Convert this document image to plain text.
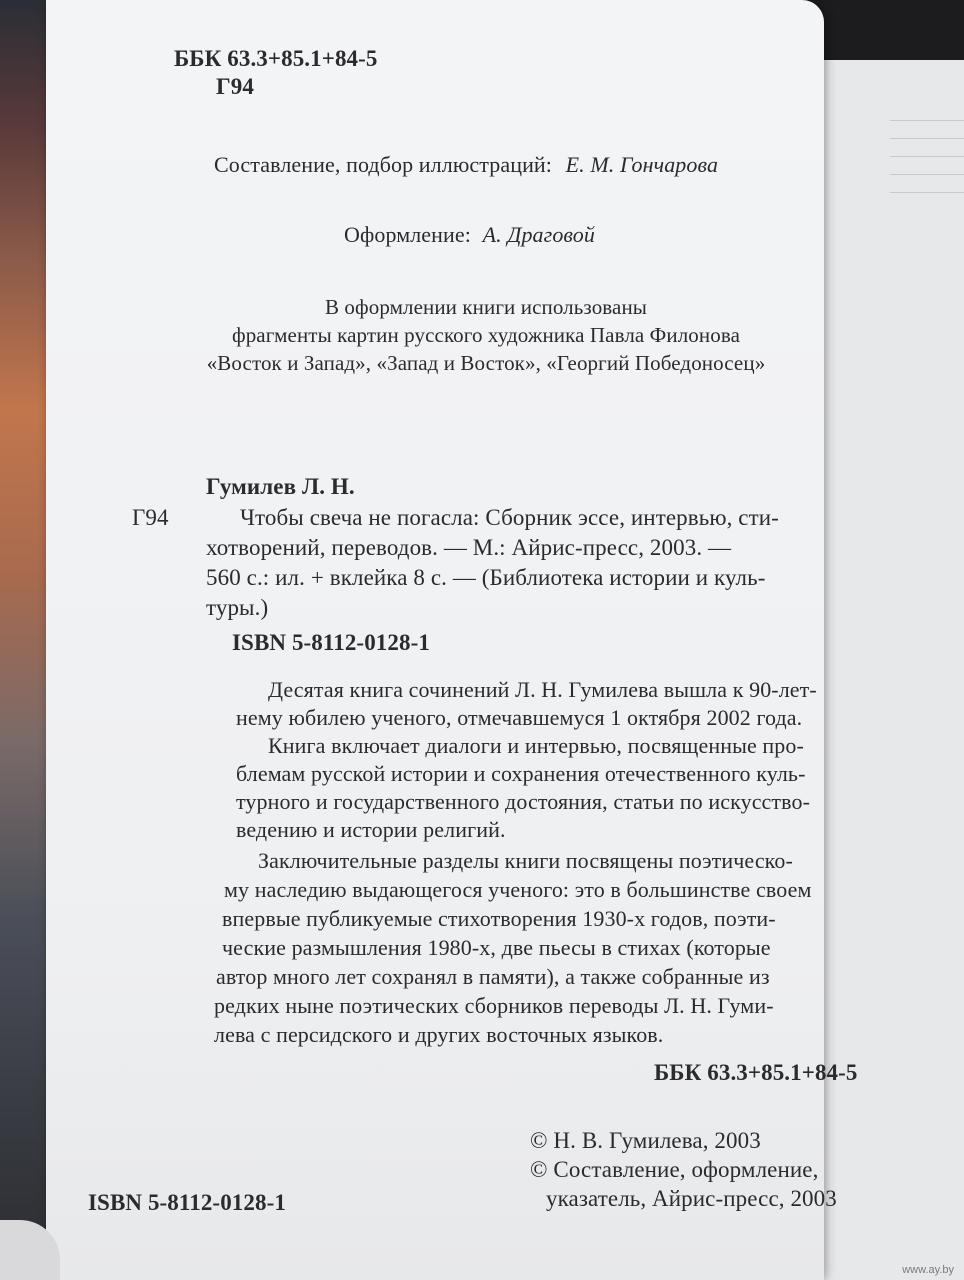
ББК 63.3+85.1+84-5
Г94
Составление, подбор иллюстраций: Е. М. Гончарова
Оформление: А. Драговой
В оформлении книги использованы
фрагменты картин русского художника Павла Филонова
«Восток и Запад», «Запад и Восток», «Георгий Победоносец»
Гумилев Л. Н.
Г94	Чтобы свеча не погасла: Сборник эссе, интервью, сти-
хотворений, переводов. — М.: Айрис-пресс, 2003. —
560 с.: ил. + вклейка 8 с. — (Библиотека истории и куль-
туры.)
ISBN 5-8112-0128-1
Десятая книга сочинений Л. Н. Гумилева вышла к 90-лет-
нему юбилею ученого, отмечавшемуся 1 октября 2002 года.
Книга включает диалоги и интервью, посвященные про-
блемам русской истории и сохранения отечественного куль-
турного и государственного достояния, статьи по искусство-
ведению и истории религий.
Заключительные разделы книги посвящены поэтическо-
му наследию выдающегося ученого: это в большинстве своем
впервые публикуемые стихотворения 1930-х годов, поэти-
ческие размышления 1980-х, две пьесы в стихах (которые
автор много лет сохранял в памяти), а также собранные из
редких ныне поэтических сборников переводы Л. Н. Гуми-
лева с персидского и других восточных языков.
ББК 63.3+85.1+84-5
© Н. В. Гумилева, 2003
© Составление, оформление,
указатель, Айрис-пресс, 2003
ISBN 5-8112-0128-1
www.ay.by
